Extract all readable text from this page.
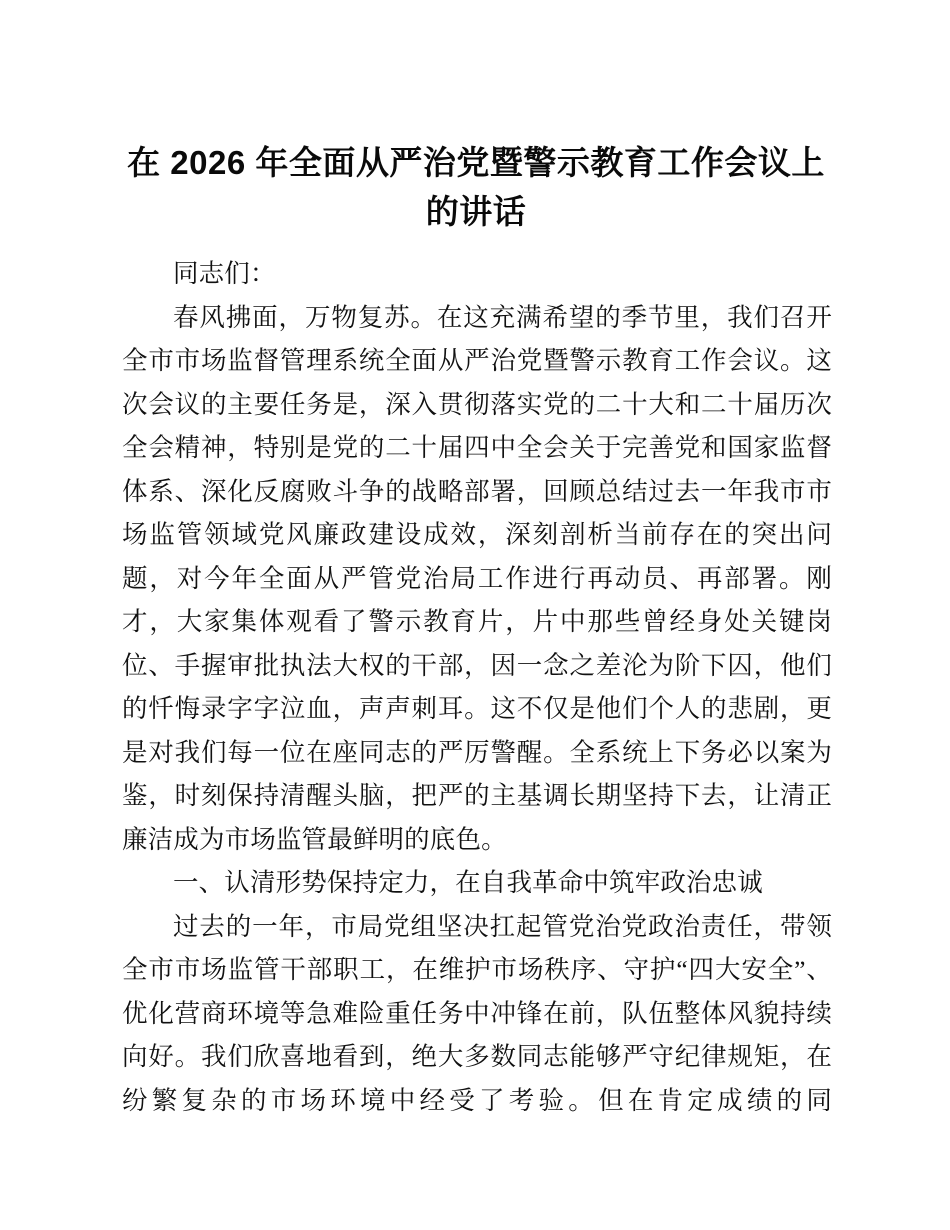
在 2026 年全面从严治党暨警示教育工作会议上
的讲话

同志们：

春风拂面，万物复苏。在这充满希望的季节里，我们召开全市市场监督管理系统全面从严治党暨警示教育工作会议。这次会议的主要任务是，深入贯彻落实党的二十大和二十届历次全会精神，特别是党的二十届四中全会关于完善党和国家监督体系、深化反腐败斗争的战略部署，回顾总结过去一年我市市场监管领域党风廉政建设成效，深刻剖析当前存在的突出问题，对今年全面从严管党治局工作进行再动员、再部署。刚才，大家集体观看了警示教育片，片中那些曾经身处关键岗位、手握审批执法大权的干部，因一念之差沦为阶下囚，他们的忏悔录字字泣血，声声刺耳。这不仅是他们个人的悲剧，更是对我们每一位在座同志的严厉警醒。全系统上下务必以案为鉴，时刻保持清醒头脑，把严的主基调长期坚持下去，让清正廉洁成为市场监管最鲜明的底色。

一、认清形势保持定力，在自我革命中筑牢政治忠诚

过去的一年，市局党组坚决扛起管党治党政治责任，带领全市市场监管干部职工，在维护市场秩序、守护“四大安全”、优化营商环境等急难险重任务中冲锋在前，队伍整体风貌持续向好。我们欣喜地看到，绝大多数同志能够严守纪律规矩，在纷繁复杂的市场环境中经受了考验。但在肯定成绩的同
